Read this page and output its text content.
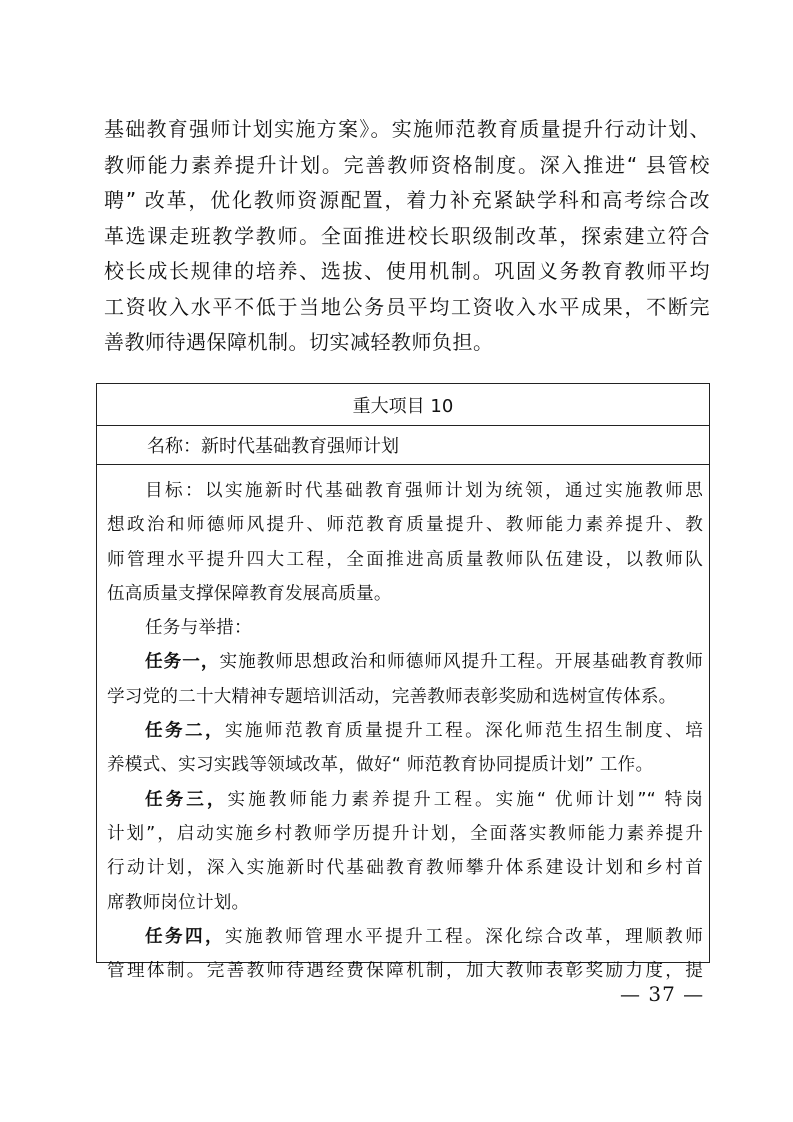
基础教育强师计划实施方案》。实施师范教育质量提升行动计划、

教师能力素养提升计划。完善教师资格制度。深入推进“ 县管校

聘” 改革，优化教师资源配置，着力补充紧缺学科和高考综合改

革选课走班教学教师。全面推进校长职级制改革，探索建立符合

校长成长规律的培养、选拔、使用机制。巩固义务教育教师平均

工资收入水平不低于当地公务员平均工资收入水平成果，不断完

善教师待遇保障机制。切实减轻教师负担。

重大项目 10
名称：新时代基础教育强师计划

目标：以实施新时代基础教育强师计划为统领，通过实施教师思

想政治和师德师风提升、师范教育质量提升、教师能力素养提升、教

师管理水平提升四大工程，全面推进高质量教师队伍建设，以教师队

伍高质量支撑保障教育发展高质量。

任务与举措：

任务一，实施教师思想政治和师德师风提升工程。开展基础教育教师

学习党的二十大精神专题培训活动，完善教师表彰奖励和选树宣传体系。

任务二，实施师范教育质量提升工程。深化师范生招生制度、培

养模式、实习实践等领域改革，做好“ 师范教育协同提质计划” 工作。

任务三，实施教师能力素养提升工程。实施“ 优师计划”“ 特岗

计划”，启动实施乡村教师学历提升计划，全面落实教师能力素养提升

行动计划，深入实施新时代基础教育教师攀升体系建设计划和乡村首

席教师岗位计划。

任务四，实施教师管理水平提升工程。深化综合改革，理顺教师

管理体制。完善教师待遇经费保障机制，加大教师表彰奖励力度，提

— 37 —
